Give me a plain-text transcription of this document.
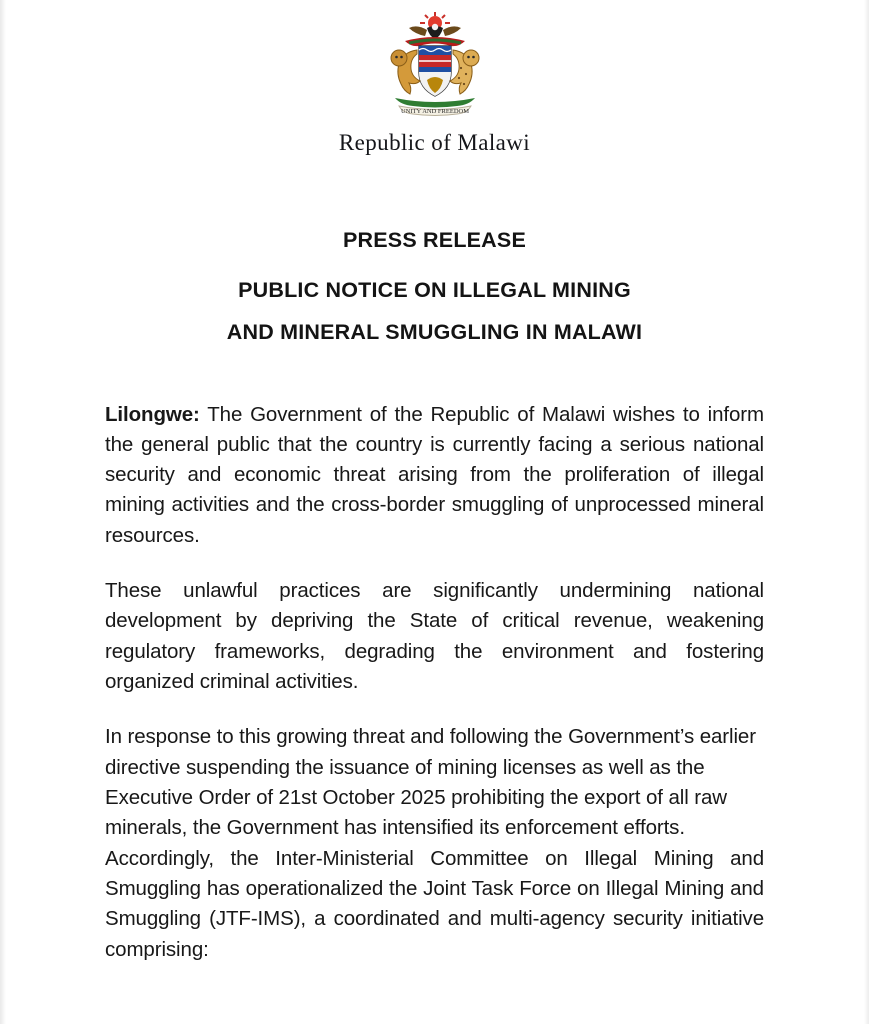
UNITY AND FREEDOM
Republic of Malawi
PRESS RELEASE
PUBLIC NOTICE ON ILLEGAL MINING
AND MINERAL SMUGGLING IN MALAWI

Lilongwe: The Government of the Republic of Malawi wishes to inform the general public that the country is currently facing a serious national security and economic threat arising from the proliferation of illegal mining activities and the cross-border smuggling of unprocessed mineral resources.

These unlawful practices are significantly undermining national development by depriving the State of critical revenue, weakening regulatory frameworks, degrading the environment and fostering organized criminal activities.

In response to this growing threat and following the Government’s earlier directive suspending the issuance of mining licenses as well as the Executive Order of 21st October 2025 prohibiting the export of all raw minerals, the Government has intensified its enforcement efforts.

Accordingly, the Inter-Ministerial Committee on Illegal Mining and Smuggling has operationalized the Joint Task Force on Illegal Mining and Smuggling (JTF-IMS), a coordinated and multi-agency security initiative comprising:
